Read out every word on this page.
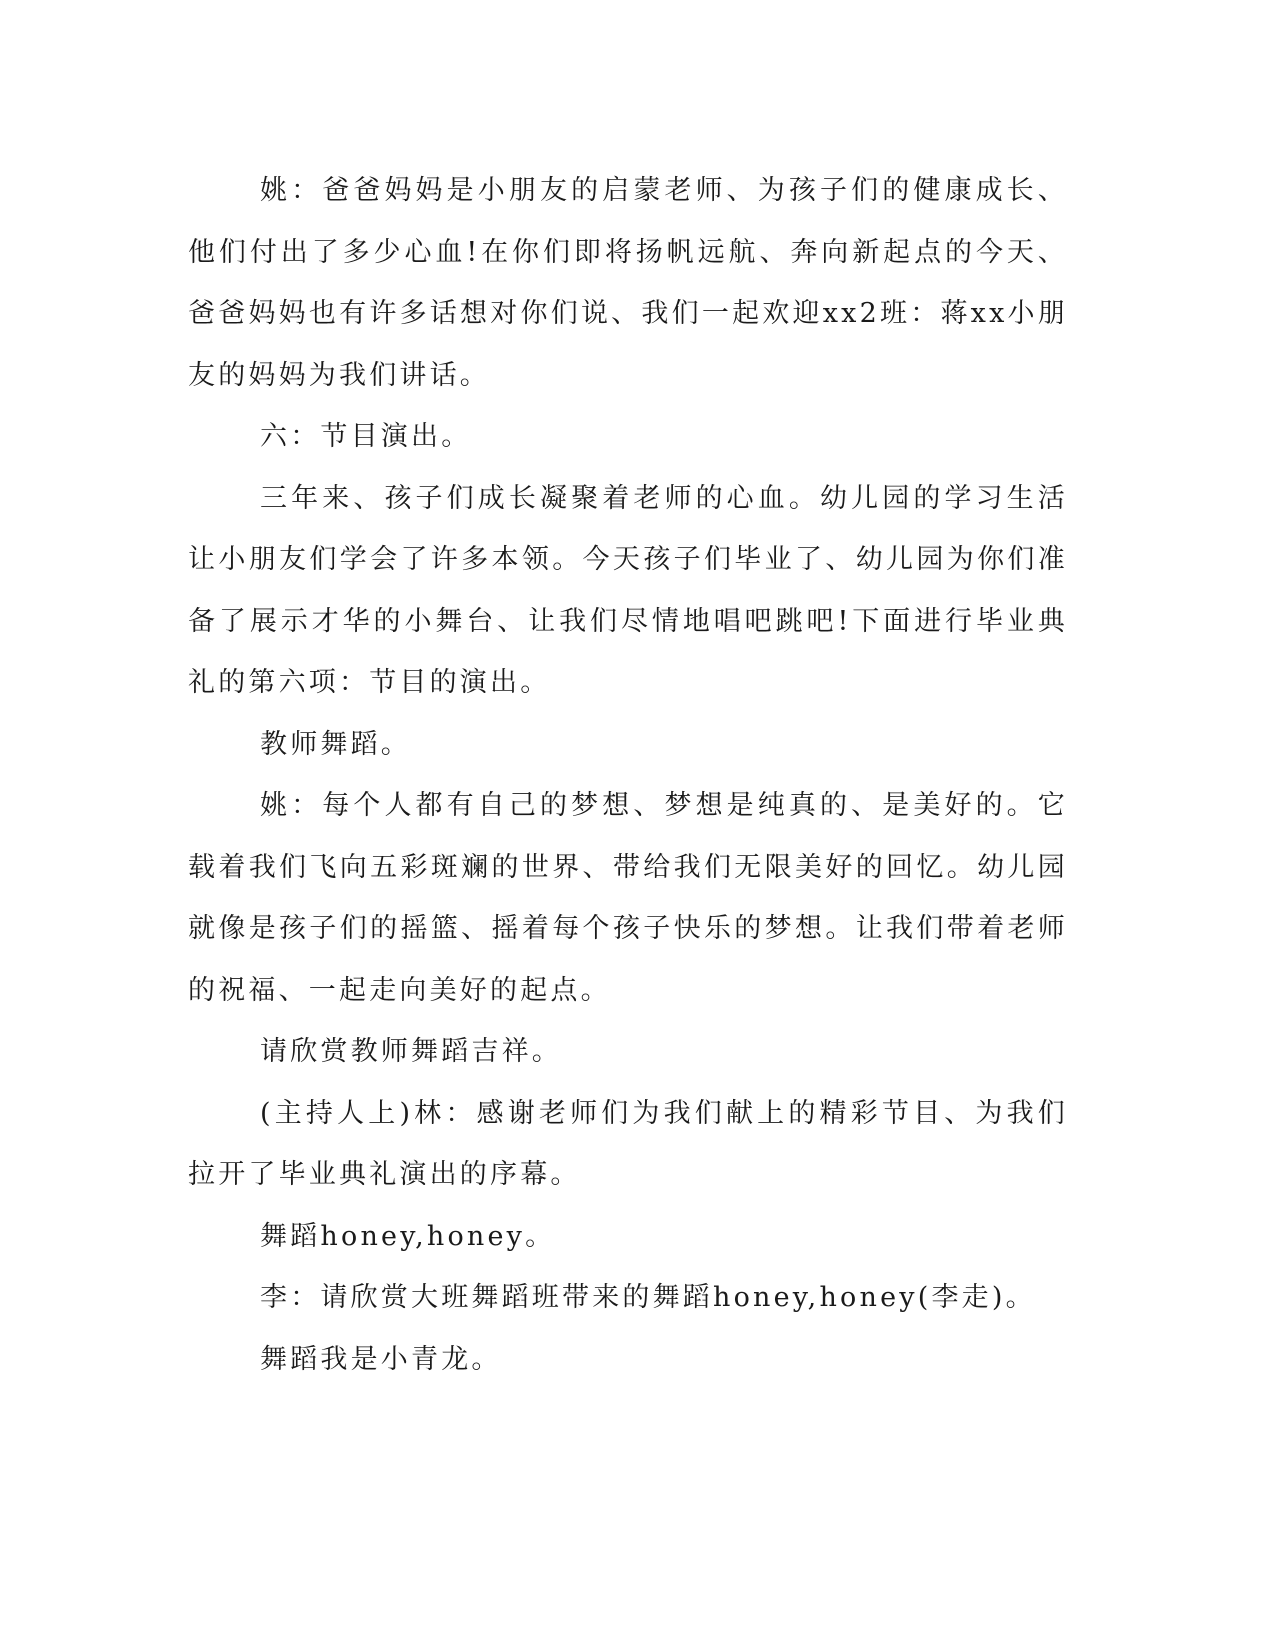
姚：爸爸妈妈是小朋友的启蒙老师、为孩子们的健康成长、他们付出了多少心血!在你们即将扬帆远航、奔向新起点的今天、爸爸妈妈也有许多话想对你们说、我们一起欢迎xx2班：蒋xx小朋友的妈妈为我们讲话。

六：节目演出。

三年来、孩子们成长凝聚着老师的心血。幼儿园的学习生活让小朋友们学会了许多本领。今天孩子们毕业了、幼儿园为你们准备了展示才华的小舞台、让我们尽情地唱吧跳吧!下面进行毕业典礼的第六项：节目的演出。

教师舞蹈。

姚：每个人都有自己的梦想、梦想是纯真的、是美好的。它载着我们飞向五彩斑斓的世界、带给我们无限美好的回忆。幼儿园就像是孩子们的摇篮、摇着每个孩子快乐的梦想。让我们带着老师的祝福、一起走向美好的起点。

请欣赏教师舞蹈吉祥。

(主持人上)林：感谢老师们为我们献上的精彩节目、为我们拉开了毕业典礼演出的序幕。

舞蹈honey,honey。

李：请欣赏大班舞蹈班带来的舞蹈honey,honey(李走)。

舞蹈我是小青龙。
